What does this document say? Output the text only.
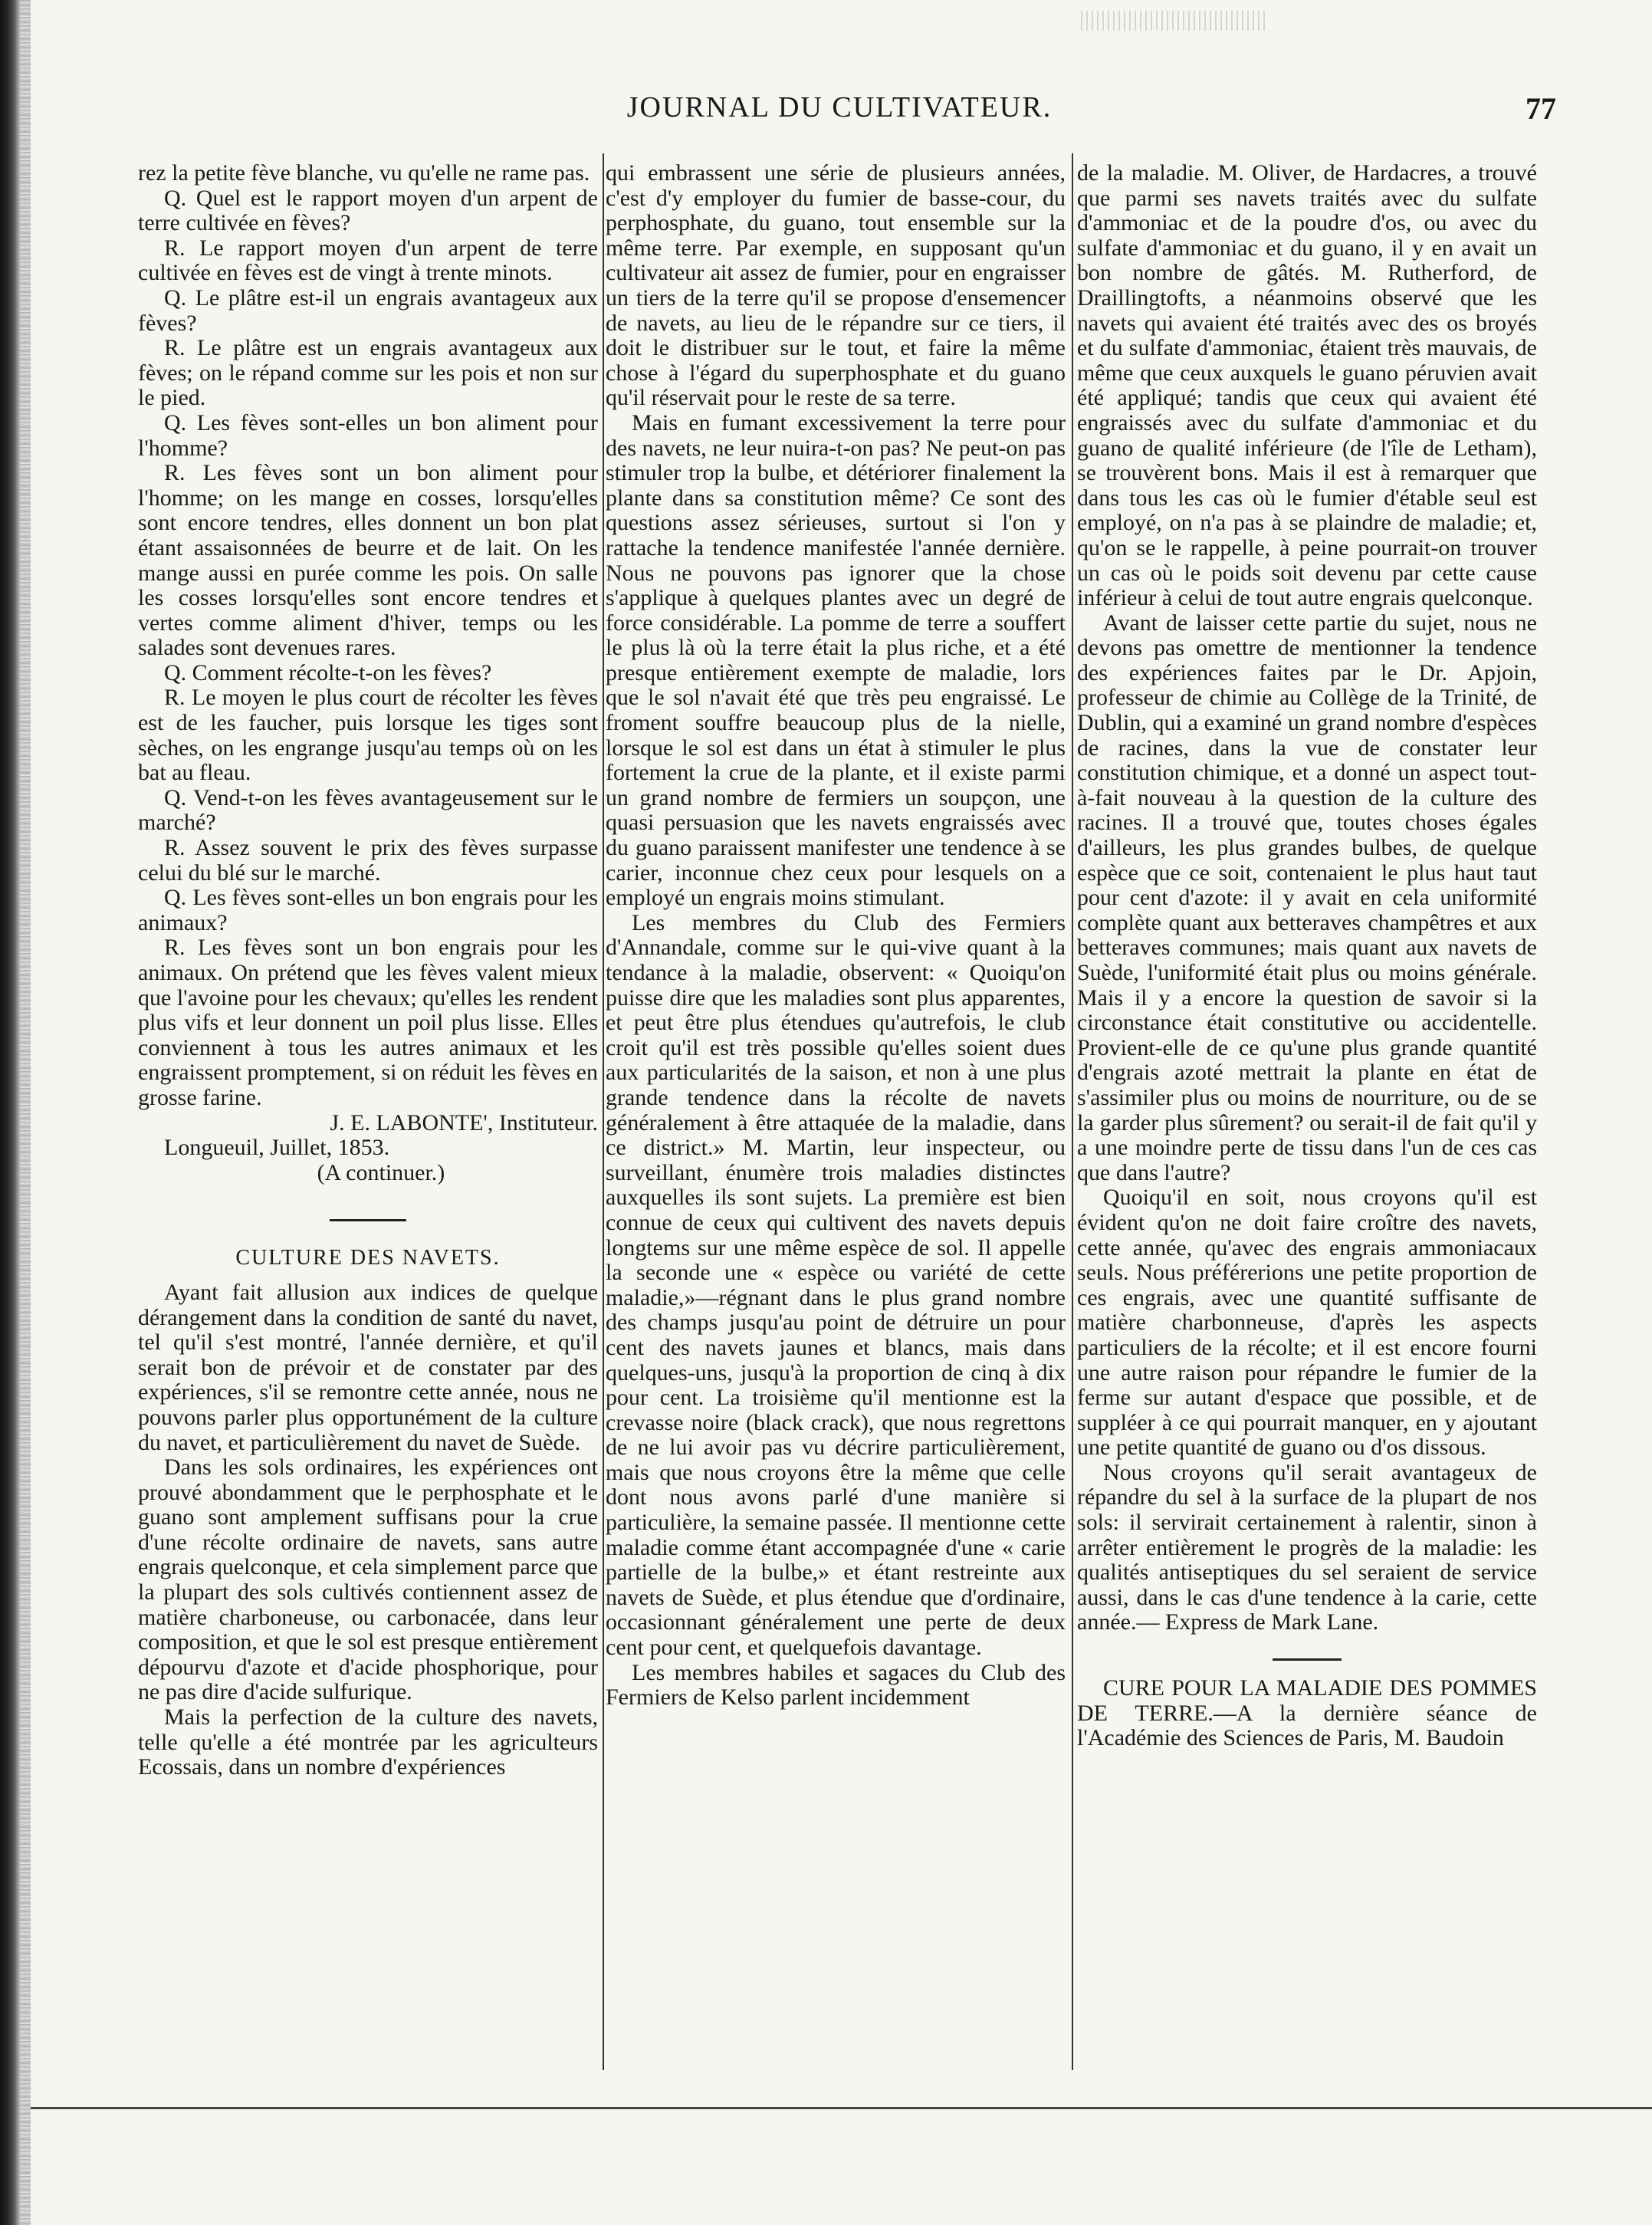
JOURNAL DU CULTIVATEUR.	77

rez la petite fève blanche, vu qu'elle ne rame pas.

Q. Quel est le rapport moyen d'un arpent de terre cultivée en fèves?

R. Le rapport moyen d'un arpent de terre cultivée en fèves est de vingt à trente minots.

Q. Le plâtre est-il un engrais avantageux aux fèves?

R. Le plâtre est un engrais avantageux aux fèves; on le répand comme sur les pois et non sur le pied.

Q. Les fèves sont-elles un bon aliment pour l'homme?

R. Les fèves sont un bon aliment pour l'homme; on les mange en cosses, lorsqu'elles sont encore tendres, elles donnent un bon plat étant assaisonnées de beurre et de lait. On les mange aussi en purée comme les pois. On salle les cosses lorsqu'elles sont encore tendres et vertes comme aliment d'hiver, temps ou les salades sont devenues rares.

Q. Comment récolte-t-on les fèves?

R. Le moyen le plus court de récolter les fèves est de les faucher, puis lorsque les tiges sont sèches, on les engrange jusqu'au temps où on les bat au fleau.

Q. Vend-t-on les fèves avantageusement sur le marché?

R. Assez souvent le prix des fèves surpasse celui du blé sur le marché.

Q. Les fèves sont-elles un bon engrais pour les animaux?

R. Les fèves sont un bon engrais pour les animaux. On prétend que les fèves valent mieux que l'avoine pour les chevaux; qu'elles les rendent plus vifs et leur donnent un poil plus lisse. Elles conviennent à tous les autres animaux et les engraissent promptement, si on réduit les fèves en grosse farine.

J. E. LABONTE', Instituteur.

Longueuil, Juillet, 1853.

(A continuer.)

CULTURE DES NAVETS.

Ayant fait allusion aux indices de quelque dérangement dans la condition de santé du navet, tel qu'il s'est montré, l'année dernière, et qu'il serait bon de prévoir et de constater par des expériences, s'il se remontre cette année, nous ne pouvons parler plus opportunément de la culture du navet, et particulièrement du navet de Suède.

Dans les sols ordinaires, les expériences ont prouvé abondamment que le perphosphate et le guano sont amplement suffisans pour la crue d'une récolte ordinaire de navets, sans autre engrais quelconque, et cela simplement parce que la plupart des sols cultivés contiennent assez de matière charboneuse, ou carbonacée, dans leur composition, et que le sol est presque entièrement dépourvu d'azote et d'acide phosphorique, pour ne pas dire d'acide sulfurique.

Mais la perfection de la culture des navets, telle qu'elle a été montrée par les agriculteurs Ecossais, dans un nombre d'expériences

qui embrassent une série de plusieurs années, c'est d'y employer du fumier de basse-cour, du perphosphate, du guano, tout ensemble sur la même terre. Par exemple, en supposant qu'un cultivateur ait assez de fumier, pour en engraisser un tiers de la terre qu'il se propose d'ensemencer de navets, au lieu de le répandre sur ce tiers, il doit le distribuer sur le tout, et faire la même chose à l'égard du superphosphate et du guano qu'il réservait pour le reste de sa terre.

Mais en fumant excessivement la terre pour des navets, ne leur nuira-t-on pas? Ne peut-on pas stimuler trop la bulbe, et détériorer finalement la plante dans sa constitution même? Ce sont des questions assez sérieuses, surtout si l'on y rattache la tendence manifestée l'année dernière. Nous ne pouvons pas ignorer que la chose s'applique à quelques plantes avec un degré de force considérable. La pomme de terre a souffert le plus là où la terre était la plus riche, et a été presque entièrement exempte de maladie, lors que le sol n'avait été que très peu engraissé. Le froment souffre beaucoup plus de la nielle, lorsque le sol est dans un état à stimuler le plus fortement la crue de la plante, et il existe parmi un grand nombre de fermiers un soupçon, une quasi persuasion que les navets engraissés avec du guano paraissent manifester une tendence à se carier, inconnue chez ceux pour lesquels on a employé un engrais moins stimulant.

Les membres du Club des Fermiers d'Annandale, comme sur le qui-vive quant à la tendance à la maladie, observent: « Quoiqu'on puisse dire que les maladies sont plus apparentes, et peut être plus étendues qu'autrefois, le club croit qu'il est très possible qu'elles soient dues aux particularités de la saison, et non à une plus grande tendence dans la récolte de navets généralement à être attaquée de la maladie, dans ce district.» M. Martin, leur inspecteur, ou surveillant, énumère trois maladies distinctes auxquelles ils sont sujets. La première est bien connue de ceux qui cultivent des navets depuis longtems sur une même espèce de sol. Il appelle la seconde une « espèce ou variété de cette maladie,»—régnant dans le plus grand nombre des champs jusqu'au point de détruire un pour cent des navets jaunes et blancs, mais dans quelques-uns, jusqu'à la proportion de cinq à dix pour cent. La troisième qu'il mentionne est la crevasse noire (black crack), que nous regrettons de ne lui avoir pas vu décrire particulièrement, mais que nous croyons être la même que celle dont nous avons parlé d'une manière si particulière, la semaine passée. Il mentionne cette maladie comme étant accompagnée d'une « carie partielle de la bulbe,» et étant restreinte aux navets de Suède, et plus étendue que d'ordinaire, occasionnant généralement une perte de deux cent pour cent, et quelquefois davantage.

Les membres habiles et sagaces du Club des Fermiers de Kelso parlent incidemment

de la maladie. M. Oliver, de Hardacres, a trouvé que parmi ses navets traités avec du sulfate d'ammoniac et de la poudre d'os, ou avec du sulfate d'ammoniac et du guano, il y en avait un bon nombre de gâtés. M. Rutherford, de Draillingtofts, a néanmoins observé que les navets qui avaient été traités avec des os broyés et du sulfate d'ammoniac, étaient très mauvais, de même que ceux auxquels le guano péruvien avait été appliqué; tandis que ceux qui avaient été engraissés avec du sulfate d'ammoniac et du guano de qualité inférieure (de l'île de Letham), se trouvèrent bons. Mais il est à remarquer que dans tous les cas où le fumier d'étable seul est employé, on n'a pas à se plaindre de maladie; et, qu'on se le rappelle, à peine pourrait-on trouver un cas où le poids soit devenu par cette cause inférieur à celui de tout autre engrais quelconque.

Avant de laisser cette partie du sujet, nous ne devons pas omettre de mentionner la tendence des expériences faites par le Dr. Apjoin, professeur de chimie au Collège de la Trinité, de Dublin, qui a examiné un grand nombre d'espèces de racines, dans la vue de constater leur constitution chimique, et a donné un aspect tout-à-fait nouveau à la question de la culture des racines. Il a trouvé que, toutes choses égales d'ailleurs, les plus grandes bulbes, de quelque espèce que ce soit, contenaient le plus haut taut pour cent d'azote: il y avait en cela uniformité complète quant aux betteraves champêtres et aux betteraves communes; mais quant aux navets de Suède, l'uniformité était plus ou moins générale. Mais il y a encore la question de savoir si la circonstance était constitutive ou accidentelle. Provient-elle de ce qu'une plus grande quantité d'engrais azoté mettrait la plante en état de s'assimiler plus ou moins de nourriture, ou de se la garder plus sûrement? ou serait-il de fait qu'il y a une moindre perte de tissu dans l'un de ces cas que dans l'autre?

Quoiqu'il en soit, nous croyons qu'il est évident qu'on ne doit faire croître des navets, cette année, qu'avec des engrais ammoniacaux seuls. Nous préférerions une petite proportion de ces engrais, avec une quantité suffisante de matière charbonneuse, d'après les aspects particuliers de la récolte; et il est encore fourni une autre raison pour répandre le fumier de la ferme sur autant d'espace que possible, et de suppléer à ce qui pourrait manquer, en y ajoutant une petite quantité de guano ou d'os dissous.

Nous croyons qu'il serait avantageux de répandre du sel à la surface de la plupart de nos sols: il servirait certainement à ralentir, sinon à arrêter entièrement le progrès de la maladie: les qualités antiseptiques du sel seraient de service aussi, dans le cas d'une tendence à la carie, cette année.— Express de Mark Lane.

CURE POUR LA MALADIE DES POMMES DE TERRE.—A la dernière séance de l'Académie des Sciences de Paris, M. Baudoin
